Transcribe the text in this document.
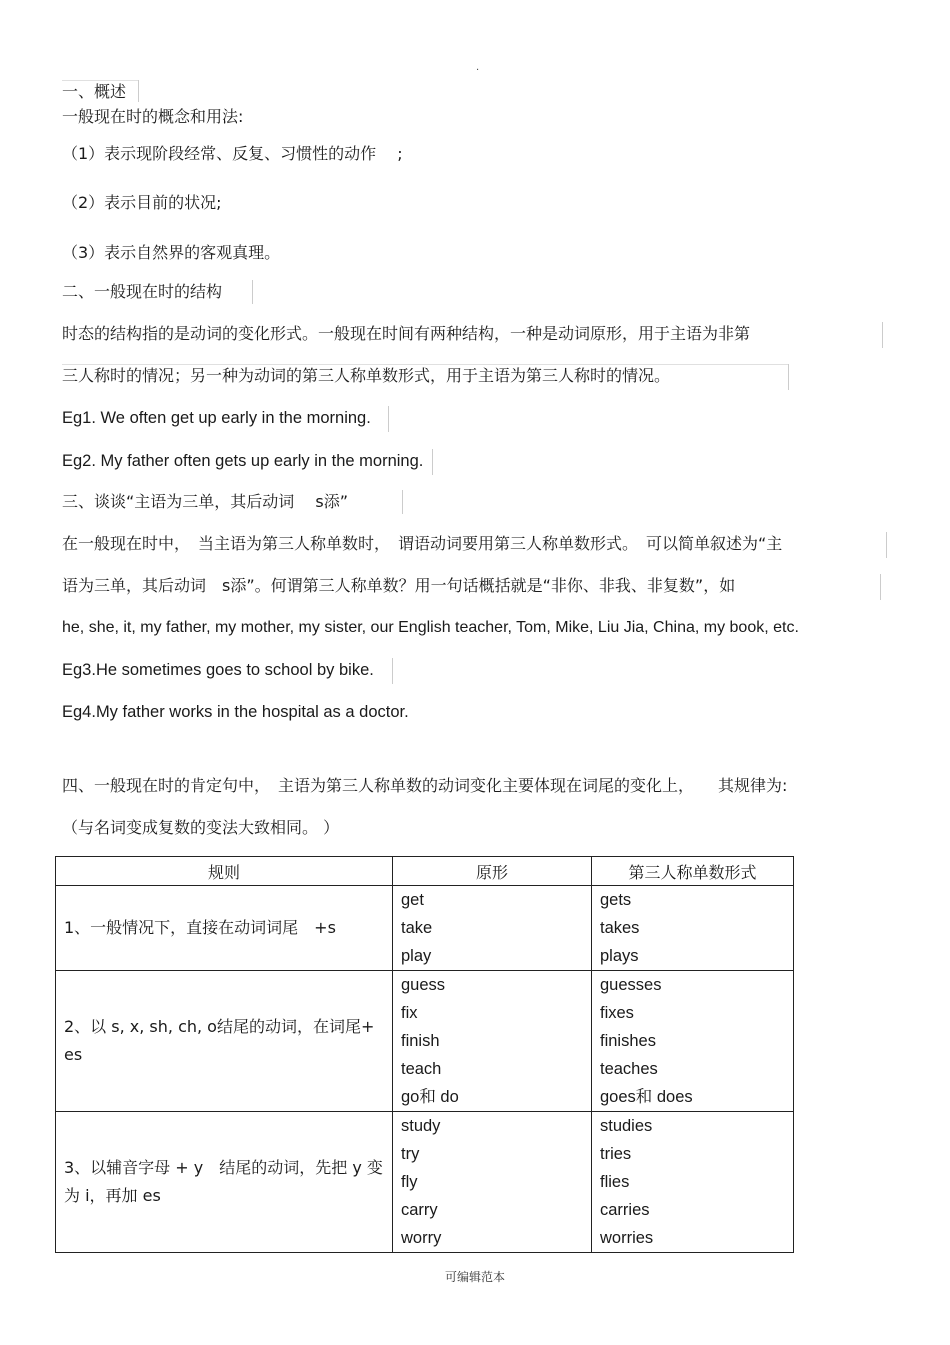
.
一、概述
一般现在时的概念和用法:
（1）表示现阶段经常、反复、习惯性的动作　 ;
（2）表示目前的状况;
（3）表示自然界的客观真理。
二、一般现在时的结构
时态的结构指的是动词的变化形式。一般现在时间有两种结构，一种是动词原形，用于主语为非第
三人称时的情况；另一种为动词的第三人称单数形式，用于主语为第三人称时的情况。
Eg1. We often get up early in the morning.
Eg2. My father often gets up early in the morning.
三、谈谈“主语为三单，其后动词　 s添”
在一般现在时中，　当主语为第三人称单数时，　谓语动词要用第三人称单数形式。　可以简单叙述为“主
语为三单，其后动词　s添”。何谓第三人称单数？用一句话概括就是“非你、非我、非复数”，如
he, she, it, my father, my mother, my sister, our English teacher, Tom, Mike, Liu Jia, China, my book, etc.
Eg3.He sometimes goes to school by bike.
Eg4.My father works in the hospital as a doctor.
四、一般现在时的肯定句中，　主语为第三人称单数的动词变化主要体现在词尾的变化上，　　其规律为:
（与名词变成复数的变法大致相同。 ）
规则	原形	第三人称单数形式

1、一般情况下，直接在动词词尾　+s	get
take
play	gets
takes
plays

2、以 s, x, sh, ch, o结尾的动词，在词尾+ es	guess
fix
finish
teach
go和 do	guesses
fixes
finishes
teaches
goes和 does

3、以辅音字母 + y　结尾的动词，先把 y 变为 i，再加 es	study
try
fly
carry
worry	studies
tries
flies
carries
worries
可编辑范本
